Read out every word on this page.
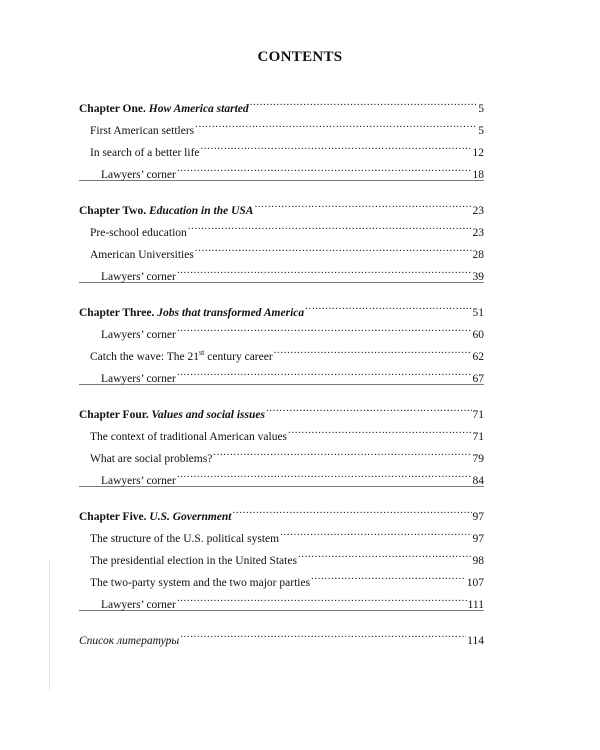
CONTENTS
Chapter One. How America started .....	5
First American settlers .....	5
In search of a better life .....	12
Lawyers’ corner .....	18
Chapter Two. Education in the USA .....	23
Pre-school education .....	23
American Universities .....	28
Lawyers’ corner .....	39
Chapter Three. Jobs that transformed America .....	51
Lawyers’ corner .....	60
Catch the wave: The 21st century career .....	62
Lawyers’ corner .....	67
Chapter Four. Values and social issues .....	71
The context of traditional American values .....	71
What are social problems? .....	79
Lawyers’ corner .....	84
Chapter Five. U.S. Government .....	97
The structure of the U.S. political system .....	97
The presidential election in the United States .....	98
The two-party system and the two major parties .....	107
Lawyers’ corner .....	111
Список литературы .....	114
